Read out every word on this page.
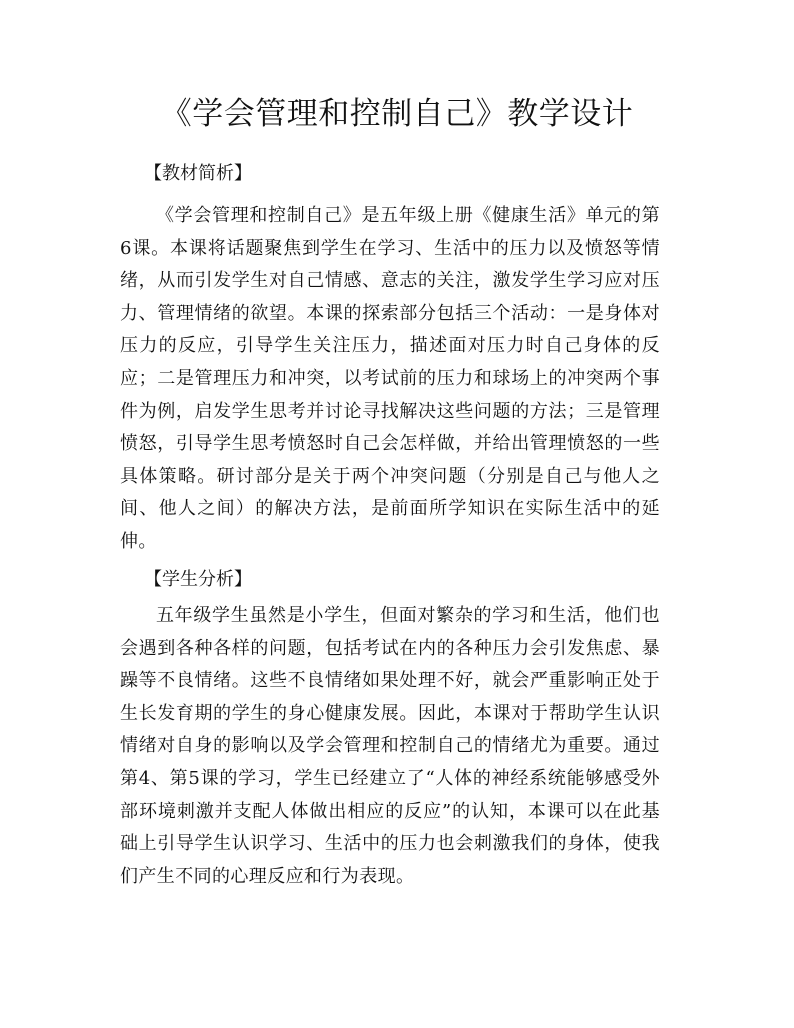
《学会管理和控制自己》教学设计
【教材简析】

《学会管理和控制自己》是五年级上册《健康生活》单元的第6课。本课将话题聚焦到学生在学习、生活中的压力以及愤怒等情绪，从而引发学生对自己情感、意志的关注，激发学生学习应对压力、管理情绪的欲望。本课的探索部分包括三个活动：一是身体对压力的反应，引导学生关注压力，描述面对压力时自己身体的反应；二是管理压力和冲突，以考试前的压力和球场上的冲突两个事件为例，启发学生思考并讨论寻找解决这些问题的方法；三是管理愤怒，引导学生思考愤怒时自己会怎样做，并给出管理愤怒的一些具体策略。研讨部分是关于两个冲突问题（分别是自己与他人之间、他人之间）的解决方法，是前面所学知识在实际生活中的延伸。

【学生分析】

五年级学生虽然是小学生，但面对繁杂的学习和生活，他们也会遇到各种各样的问题，包括考试在内的各种压力会引发焦虑、暴躁等不良情绪。这些不良情绪如果处理不好，就会严重影响正处于生长发育期的学生的身心健康发展。因此，本课对于帮助学生认识情绪对自身的影响以及学会管理和控制自己的情绪尤为重要。通过第4、第5课的学习，学生已经建立了“人体的神经系统能够感受外部环境刺激并支配人体做出相应的反应”的认知，本课可以在此基础上引导学生认识学习、生活中的压力也会刺激我们的身体，使我们产生不同的心理反应和行为表现。
